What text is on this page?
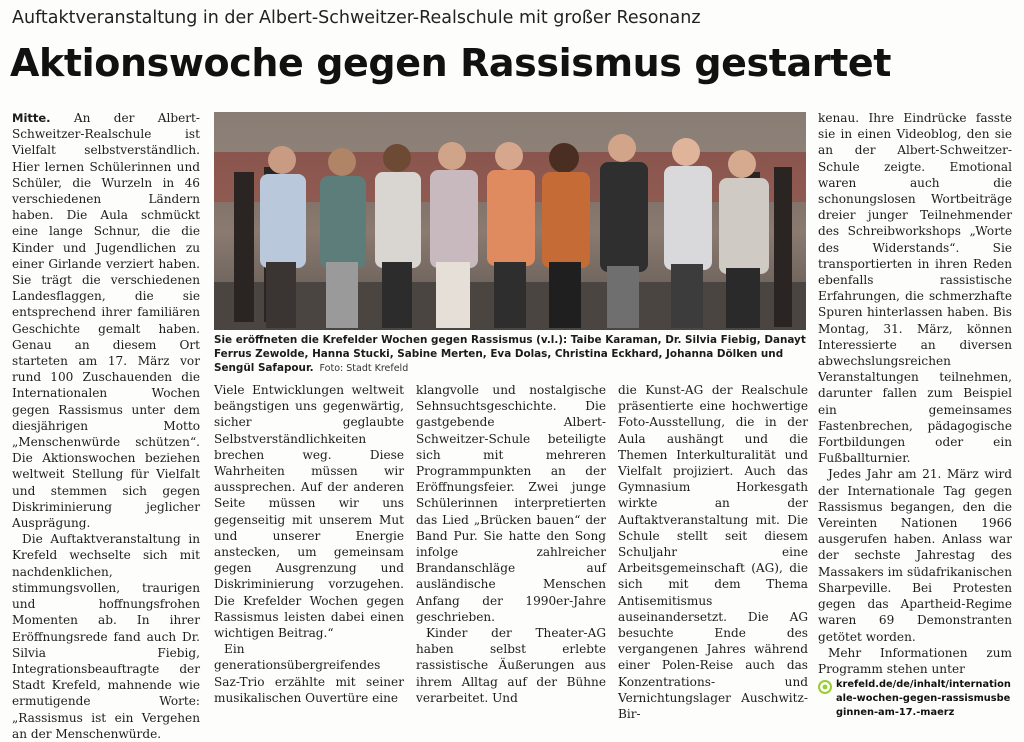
Auftaktveranstaltung in der Albert-Schweitzer-Realschule mit großer Resonanz
Aktionswoche gegen Rassismus gestartet

Mitte. An der Albert-Schweitzer-Realschule ist Vielfalt selbstverständlich. Hier lernen Schülerinnen und Schüler, die Wurzeln in 46 verschiedenen Ländern haben. Die Aula schmückt eine lange Schnur, die die Kinder und Jugendlichen zu einer Girlande verziert haben. Sie trägt die verschiedenen Landesflaggen, die sie entsprechend ihrer familiären Geschichte gemalt haben. Genau an diesem Ort starteten am 17. März vor rund 100 Zuschauenden die Internationalen Wochen gegen Rassismus unter dem diesjährigen Motto „Menschenwürde schützen“. Die Aktionswochen beziehen weltweit Stellung für Vielfalt und stemmen sich gegen Diskriminierung jeglicher Ausprägung.

Die Auftaktveranstaltung in Krefeld wechselte sich mit nachdenklichen, stimmungsvollen, traurigen und hoffnungsfrohen Momenten ab. In ihrer Eröffnungsrede fand auch Dr. Silvia Fiebig, Integrationsbeauftragte der Stadt Krefeld, mahnende wie ermutigende Worte: „Rassismus ist ein Vergehen an der Menschenwürde.

Sie eröffneten die Krefelder Wochen gegen Rassismus (v.l.): Taibe Karaman, Dr. Silvia Fiebig, Danayt Ferrus Zewolde, Hanna Stucki, Sabine Merten, Eva Dolas, Christina Eckhard, Johanna Dölken und Sengül Safapour. Foto: Stadt Krefeld

Viele Entwicklungen weltweit beängstigen uns gegenwärtig, sicher geglaubte Selbstverständlichkeiten brechen weg. Diese Wahrheiten müssen wir aussprechen. Auf der anderen Seite müssen wir uns gegenseitig mit unserem Mut und unserer Energie anstecken, um gemeinsam gegen Ausgrenzung und Diskriminierung vorzugehen. Die Krefelder Wochen gegen Rassismus leisten dabei einen wichtigen Beitrag.“

Ein generationsübergreifendes Saz-Trio erzählte mit seiner musikalischen Ouvertüre eine

klangvolle und nostalgische Sehnsuchtsgeschichte. Die gastgebende Albert-Schweitzer-Schule beteiligte sich mit mehreren Programmpunkten an der Eröffnungsfeier. Zwei junge Schülerinnen interpretierten das Lied „Brücken bauen“ der Band Pur. Sie hatte den Song infolge zahlreicher Brandanschläge auf ausländische Menschen Anfang der 1990er-Jahre geschrieben.

Kinder der Theater-AG haben selbst erlebte rassistische Äußerungen aus ihrem Alltag auf der Bühne verarbeitet. Und

die Kunst-AG der Realschule präsentierte eine hochwertige Foto-Ausstellung, die in der Aula aushängt und die Themen Interkulturalität und Vielfalt projiziert. Auch das Gymnasium Horkesgath wirkte an der Auftaktveranstaltung mit. Die Schule stellt seit diesem Schuljahr eine Arbeitsgemeinschaft (AG), die sich mit dem Thema Antisemitismus auseinandersetzt. Die AG besuchte Ende des vergangenen Jahres während einer Polen-Reise auch das Konzentrations- und Vernichtungslager Auschwitz-Bir-

kenau. Ihre Eindrücke fasste sie in einen Videoblog, den sie an der Albert-Schweitzer-Schule zeigte. Emotional waren auch die schonungslosen Wortbeiträge dreier junger Teilnehmender des Schreibworkshops „Worte des Widerstands“. Sie transportierten in ihren Reden ebenfalls rassistische Erfahrungen, die schmerzhafte Spuren hinterlassen haben. Bis Montag, 31. März, können Interessierte an diversen abwechslungsreichen Veranstaltungen teilnehmen, darunter fallen zum Beispiel ein gemeinsames Fastenbrechen, pädagogische Fortbildungen oder ein Fußballturnier.

Jedes Jahr am 21. März wird der Internationale Tag gegen Rassismus begangen, den die Vereinten Nationen 1966 ausgerufen haben. Anlass war der sechste Jahrestag des Massakers im südafrikanischen Sharpeville. Bei Protesten gegen das Apartheid-Regime waren 69 Demonstranten getötet worden.

Mehr Informationen zum Programm stehen unter

krefeld.de/de/inhalt/internationale-wochen-gegen-rassismusbeginnen-am-17.-maerz
